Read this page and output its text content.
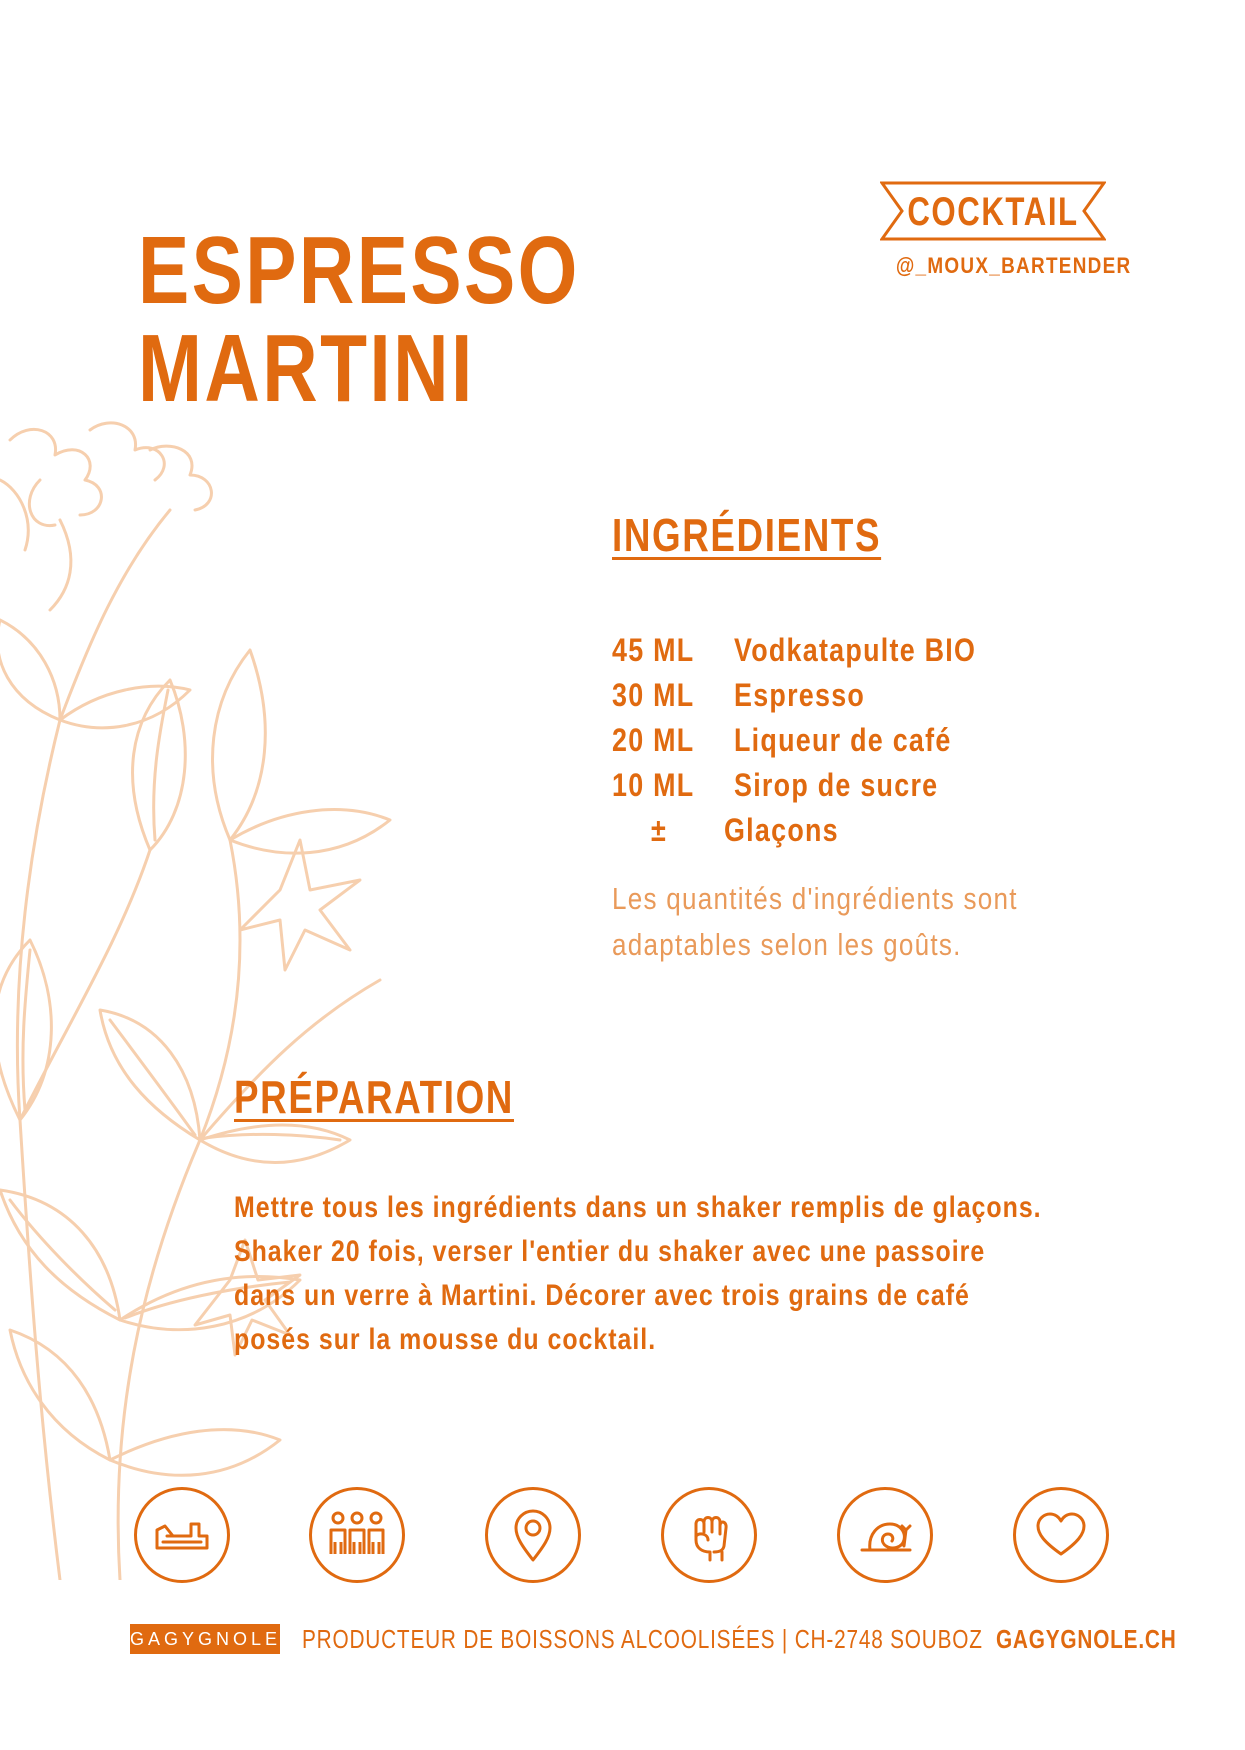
ESPRESSO
MARTINI
COCKTAIL
@_MOUX_BARTENDER
INGRÉDIENTS
45 ML	Vodkatapulte BIO
30 ML	Espresso
20 ML	Liqueur de café
10 ML	Sirop de sucre
±	Glaçons

Les quantités d'ingrédients sont
adaptables selon les goûts.

PRÉPARATION

Mettre tous les ingrédients dans un shaker remplis de glaçons.
Shaker 20 fois, verser l'entier du shaker avec une passoire
dans un verre à Martini. Décorer avec trois grains de café
posés sur la mousse du cocktail.

GAGYGNOLE PRODUCTEUR DE BOISSONS ALCOOLISÉES | CH-2748 SOUBOZ GAGYGNOLE.CH
